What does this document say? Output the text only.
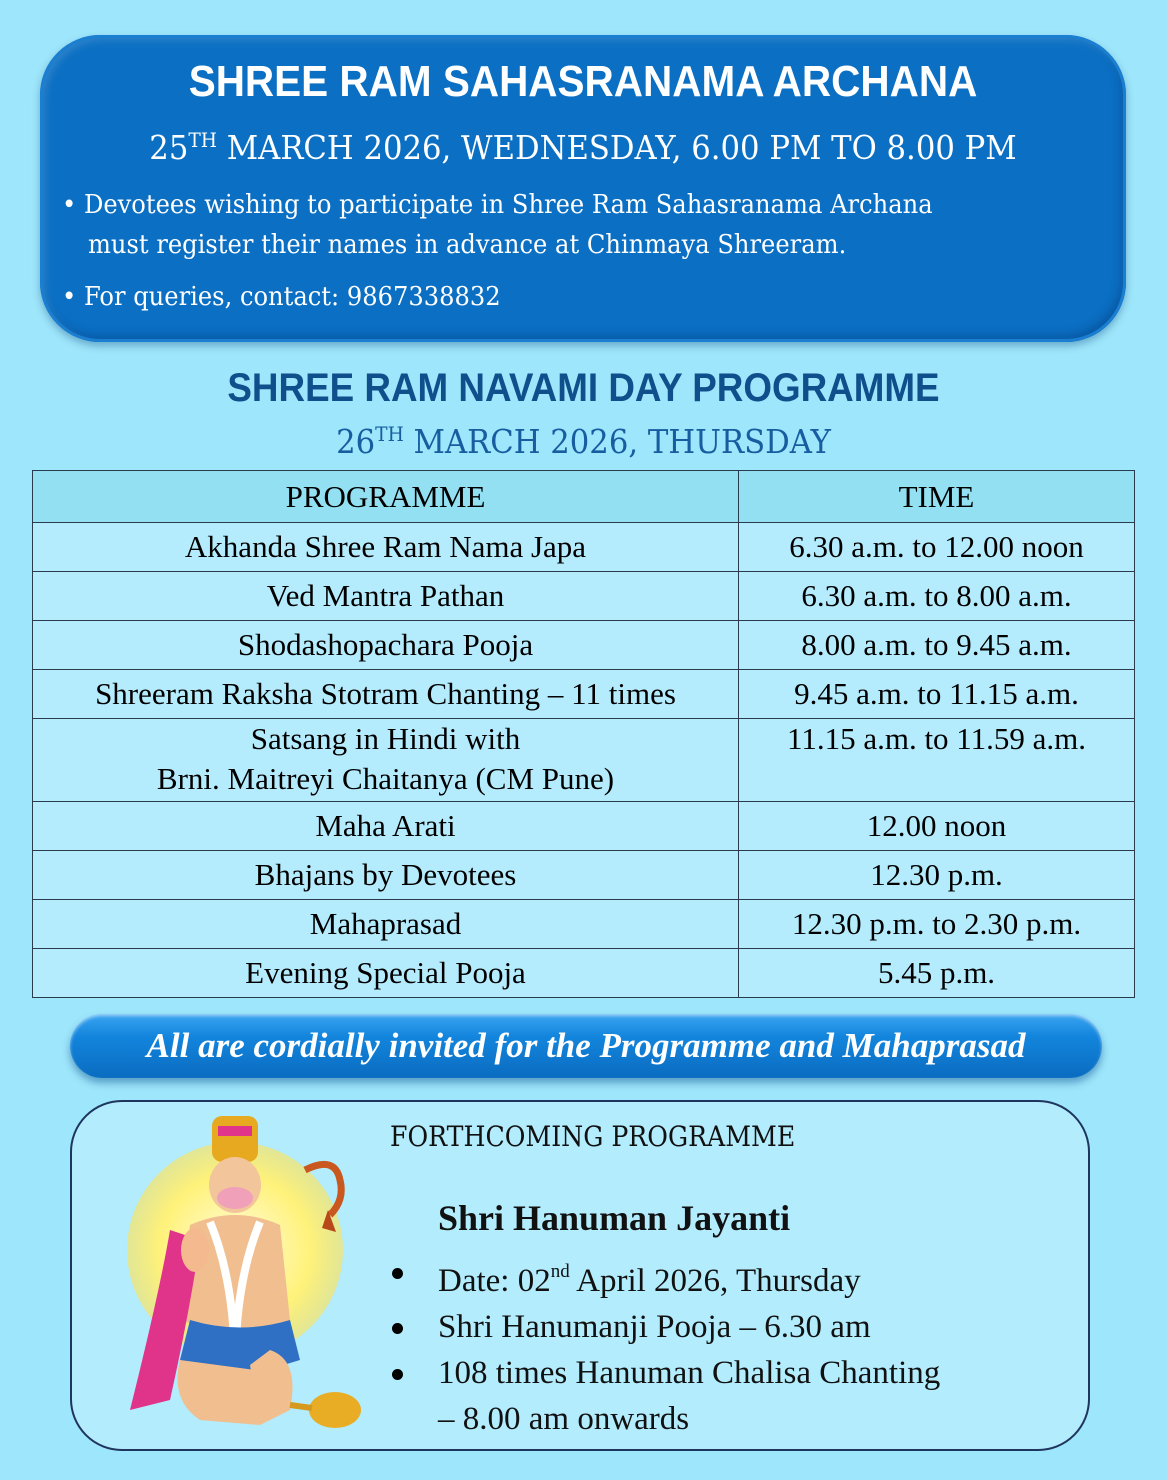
SHREE RAM SAHASRANAMA ARCHANA
25TH MARCH 2026, WEDNESDAY, 6.00 PM TO 8.00 PM
• Devotees wishing to participate in Shree Ram Sahasranama Archana
must register their names in advance at Chinmaya Shreeram.
• For queries, contact: 9867338832
SHREE RAM NAVAMI DAY PROGRAMME
26TH MARCH 2026, THURSDAY
PROGRAMME	TIME
Akhanda Shree Ram Nama Japa	6.30 a.m. to 12.00 noon
Ved Mantra Pathan	6.30 a.m. to 8.00 a.m.
Shodashopachara Pooja	8.00 a.m. to 9.45 a.m.
Shreeram Raksha Stotram Chanting – 11 times	9.45 a.m. to 11.15 a.m.

Satsang in Hindi with
Brni. Maitreyi Chaitanya (CM Pune)	11.15 a.m. to 11.59 a.m.
Maha Arati	12.00 noon
Bhajans by Devotees	12.30 p.m.
Mahaprasad	12.30 p.m. to 2.30 p.m.
Evening Special Pooja	5.45 p.m.
All are cordially invited for the Programme and Mahaprasad
FORTHCOMING PROGRAMME
Shri Hanuman Jayanti
Date: 02nd April 2026, Thursday
Shri Hanumanji Pooja – 6.30 am
108 times Hanuman Chalisa Chanting
– 8.00 am onwards
